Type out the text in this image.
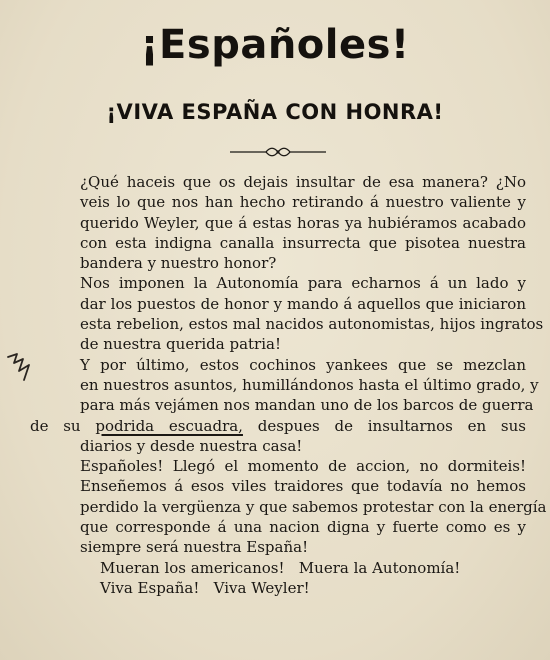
¡Españoles!
¡VIVA ESPAÑA CON HONRA!

¿Qué haceis que os dejais insultar de esa manera? ¿No
veis lo que nos han hecho retirando á nuestro valiente y
querido Weyler, que á estas horas ya hubiéramos acabado
con esta indigna canalla insurrecta que pisotea nuestra
bandera y nuestro honor?

Nos imponen la Autonomía para echarnos á un lado y
dar los puestos de honor y mando á aquellos que iniciaron
esta rebelion, estos mal nacidos autonomistas, hijos ingratos
de nuestra querida patria!

Y por último, estos cochinos yankees que se mezclan
en nuestros asuntos, humillándonos hasta el último grado, y
para más vejámen nos mandan uno de los barcos de guerra
de su podrida escuadra, despues de insultarnos en sus
diarios y desde nuestra casa!

Españoles! Llegó el momento de accion, no dormiteis!
Enseñemos á esos viles traidores que todavía no hemos
perdido la vergüenza y que sabemos protestar con la energía
que corresponde á una nacion digna y fuerte como es y
siempre será nuestra España!

Mueran los americanos!   Muera la Autonomía!
Viva España!   Viva Weyler!
